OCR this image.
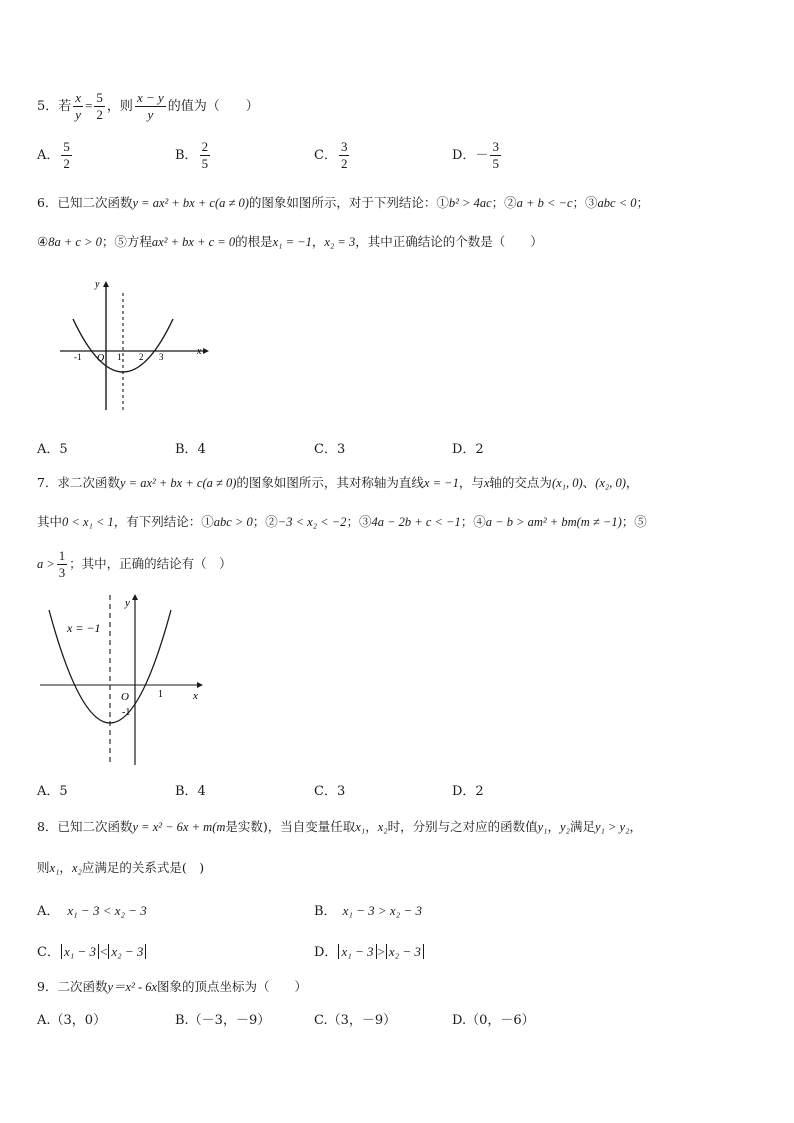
5．若 $\frac{x}{y} = \frac{5}{2}$ ，则 $\frac{x - y}{y}$ 的值为（　　）
A． $\frac{5}{2}$	B． $\frac{2}{5}$	C． $\frac{3}{2}$	D．－ $\frac{3}{5}$
6．已知二次函数y = ax² + bx + c(a ≠ 0)的图象如图所示，对于下列结论：①b² > 4ac；②a + b < −c；③abc < 0；
④8a + c > 0；⑤方程ax² + bx + c = 0的根是x₁ = −1，x₂ = 3，其中正确结论的个数是（　　）
y
x
-1 O 1 2 3
A．5	B．4	C．3	D．2
7．求二次函数y = ax² + bx + c(a ≠ 0)的图象如图所示，其对称轴为直线x = −1，与x轴的交点为(x₁, 0)、(x₂, 0)，
其中0 < x₁ < 1，有下列结论：①abc > 0；②−3 < x₂ < −2；③4a − 2b + c < −1；④a − b > am² + bm(m ≠ −1)；⑤
$a > \frac{1}{3}$ ；其中，正确的结论有（　）
y
x
x = −1
O	1
-1
A．5	B．4	C．3	D．2
8．已知二次函数y = x² − 6x + m(m是实数)，当自变量任取x₁，x₂时，分别与之对应的函数值y₁，y₂满足y₁ > y₂，
则x₁，x₂应满足的关系式是(　)
A． x₁ − 3 < x₂ − 3	B． x₁ − 3 > x₂ − 3
C． x₁ − 3 < x₂ − 3	D． x₁ − 3 > x₂ − 3
9．二次函数y＝x² - 6x图象的顶点坐标为（　　）
A.（3，0）	B.（－3，－9）	C.（3，－9）	D.（0，－6）
